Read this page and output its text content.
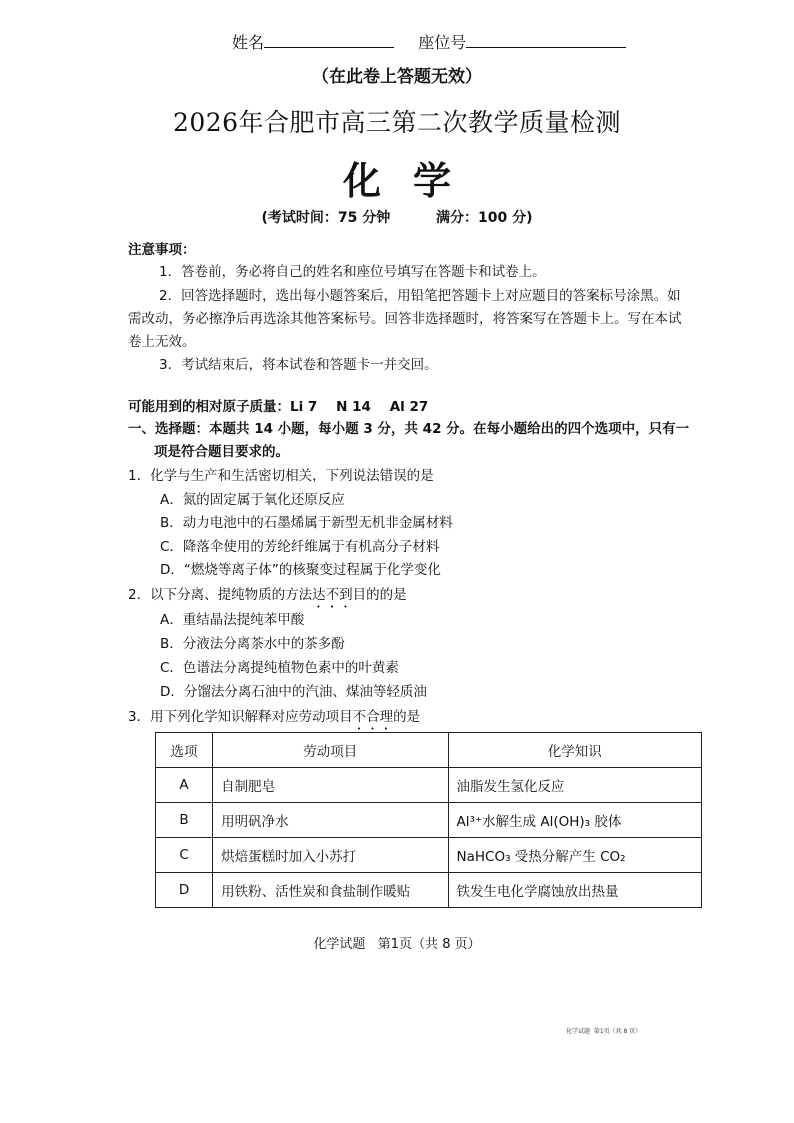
姓名	座位号
（在此卷上答题无效）
2026年合肥市高三第二次教学质量检测
化学
(考试时间：75 分钟	满分：100 分)
注意事项：
1．答卷前，务必将自己的姓名和座位号填写在答题卡和试卷上。
2．回答选择题时，选出每小题答案后，用铅笔把答题卡上对应题目的答案标号涂黑。如
需改动，务必擦净后再选涂其他答案标号。回答非选择题时，将答案写在答题卡上。写在本试
卷上无效。
3．考试结束后，将本试卷和答题卡一并交回。
可能用到的相对原子质量：Li 7    N 14    Al 27
一、选择题：本题共 14 小题，每小题 3 分，共 42 分。在每小题给出的四个选项中，只有一
项是符合题目要求的。
1．化学与生产和生活密切相关，下列说法错误的是
A．氮的固定属于氧化还原反应
B．动力电池中的石墨烯属于新型无机非金属材料
C．降落伞使用的芳纶纤维属于有机高分子材料
D．“燃烧等离子体”的核聚变过程属于化学变化
2．以下分离、提纯物质的方法达不到目的的是
A．重结晶法提纯苯甲酸
B．分液法分离茶水中的茶多酚
C．色谱法分离提纯植物色素中的叶黄素
D．分馏法分离石油中的汽油、煤油等轻质油
3．用下列化学知识解释对应劳动项目不合理的是
选项	劳动项目	化学知识
A	自制肥皂	油脂发生氢化反应
B	用明矾净水	Al³⁺水解生成 Al(OH)₃ 胶体
C	烘焙蛋糕时加入小苏打	NaHCO₃ 受热分解产生 CO₂
D	用铁粉、活性炭和食盐制作暖贴	铁发生电化学腐蚀放出热量
化学试题   第1页（共 8 页）
化学试题  第1页（共 8 页）
